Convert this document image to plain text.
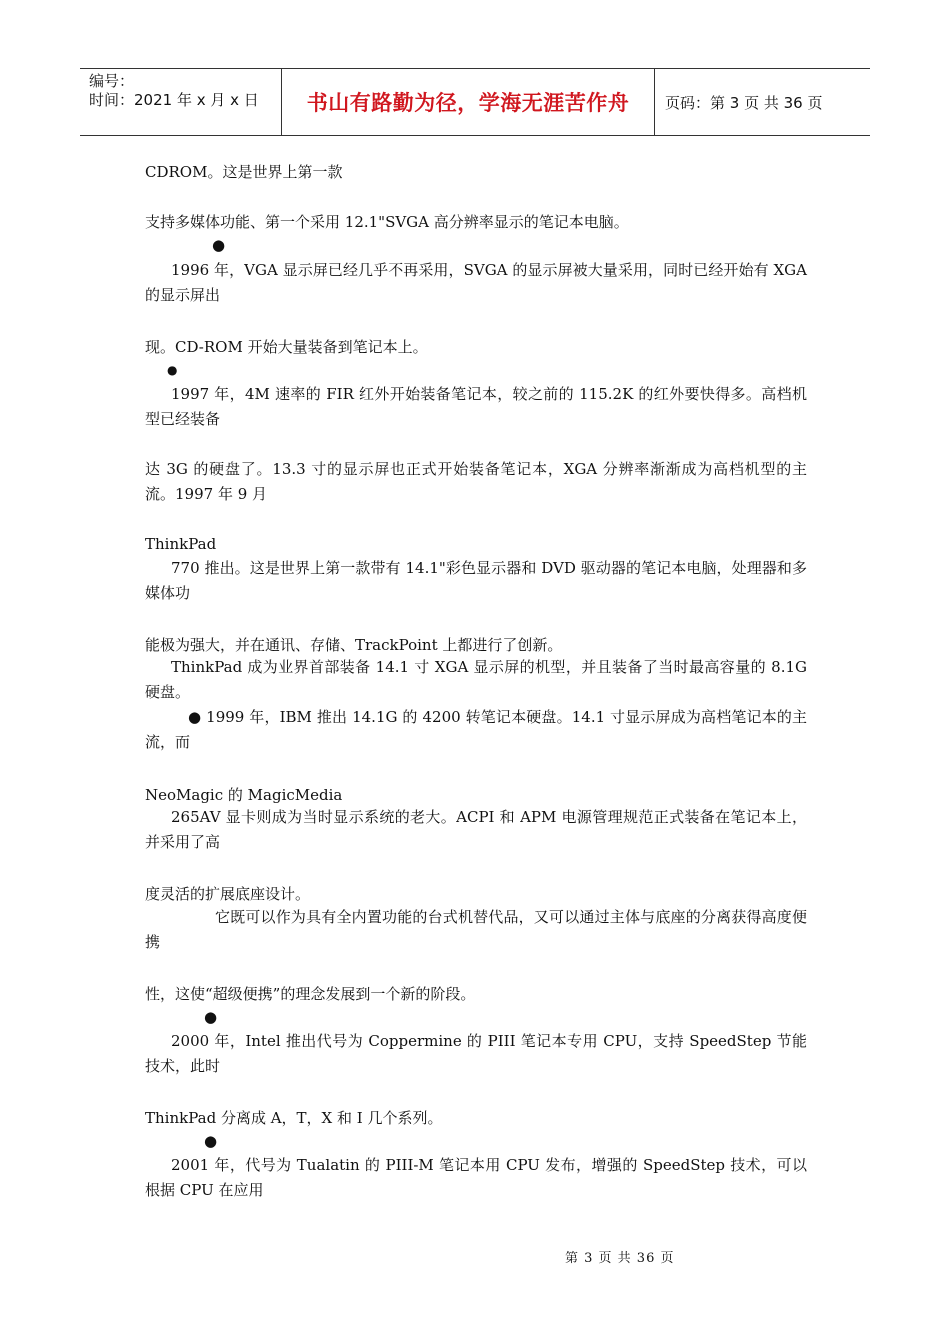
编号：
时间：2021 年 x 月 x 日	书山有路勤为径，学海无涯苦作舟 页码：第 3 页 共 36 页

CDROM。这是世界上第一款

支持多媒体功能、第一个采用 12.1"SVGA 高分辨率显示的笔记本电脑。

●

1996 年，VGA 显示屏已经几乎不再采用，SVGA 的显示屏被大量采用，同时已经开始有 XGA 的显示屏出

现。CD-ROM 开始大量装备到笔记本上。

●

1997 年，4M 速率的 FIR 红外开始装备笔记本，较之前的 115.2K 的红外要快得多。高档机型已经装备

达 3G 的硬盘了。13.3 寸的显示屏也正式开始装备笔记本，XGA 分辨率渐渐成为高档机型的主流。1997 年 9 月

ThinkPad

770 推出。这是世界上第一款带有 14.1"彩色显示器和 DVD 驱动器的笔记本电脑，处理器和多媒体功

能极为强大，并在通讯、存储、TrackPoint 上都进行了创新。

ThinkPad 成为业界首部装备 14.1 寸 XGA 显示屏的机型，并且装备了当时最高容量的 8.1G 硬盘。

● 1999 年，IBM 推出 14.1G 的 4200 转笔记本硬盘。14.1 寸显示屏成为高档笔记本的主流，而

NeoMagic 的 MagicMedia

265AV 显卡则成为当时显示系统的老大。ACPI 和 APM 电源管理规范正式装备在笔记本上，并采用了高

度灵活的扩展底座设计。

它既可以作为具有全内置功能的台式机替代品，又可以通过主体与底座的分离获得高度便携

性，这使“超级便携”的理念发展到一个新的阶段。

●

2000 年，Intel 推出代号为 Coppermine 的 PIII 笔记本专用 CPU，支持 SpeedStep 节能技术，此时

ThinkPad 分离成 A，T，X 和 I 几个系列。

●

2001 年，代号为 Tualatin 的 PIII-M 笔记本用 CPU 发布，增强的 SpeedStep 技术，可以根据 CPU 在应用

第 3 页 共 36 页
